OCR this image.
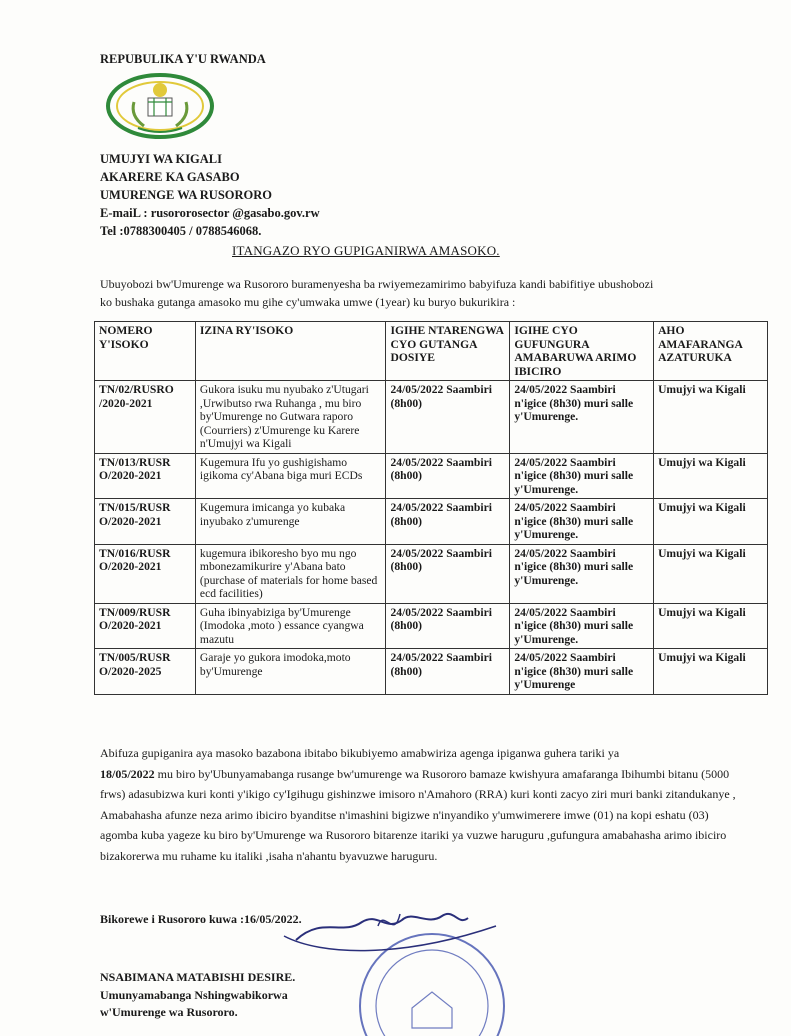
REPUBULIKA Y'U RWANDA
UMUJYI WA KIGALI
AKARERE KA GASABO
UMURENGE WA RUSORORO
E-maiL : rusororosector @gasabo.gov.rw
Tel :0788300405 / 0788546068.
ITANGAZO RYO GUPIGANIRWA AMASOKO.
Ubuyobozi bw'Umurenge wa Rusororo buramenyesha ba rwiyemezamirimo babyifuza kandi babifitiye ubushobozi
ko bushaka gutanga amasoko mu gihe cy'umwaka umwe (1year) ku buryo bukurikira :
NOMERO Y'ISOKO	IZINA RY'ISOKO	IGIHE NTARENGWA CYO GUTANGA DOSIYE	IGIHE CYO GUFUNGURA AMABARUWA ARIMO IBICIRO	AHO AMAFARANGA AZATURUKA
TN/02/RUSRO /2020-2021	Gukora isuku mu nyubako z'Utugari ,Urwibutso rwa Ruhanga , mu biro by'Umurenge no Gutwara raporo (Courriers) z'Umurenge ku Karere n'Umujyi wa Kigali	24/05/2022 Saambiri (8h00)	24/05/2022 Saambiri n'igice (8h30) muri salle y'Umurenge.	Umujyi wa Kigali
TN/013/RUSR O/2020-2021	Kugemura Ifu yo gushigishamo igikoma cy'Abana biga muri ECDs	24/05/2022 Saambiri (8h00)	24/05/2022 Saambiri n'igice (8h30) muri salle y'Umurenge.	Umujyi wa Kigali
TN/015/RUSR O/2020-2021	Kugemura imicanga yo kubaka inyubako z'umurenge	24/05/2022 Saambiri (8h00)	24/05/2022 Saambiri n'igice (8h30) muri salle y'Umurenge.	Umujyi wa Kigali
TN/016/RUSR O/2020-2021	kugemura ibikoresho byo mu ngo mbonezamikurire y'Abana bato (purchase of materials for home based ecd facilities)	24/05/2022 Saambiri (8h00)	24/05/2022 Saambiri n'igice (8h30) muri salle y'Umurenge.	Umujyi wa Kigali
TN/009/RUSR O/2020-2021	Guha ibinyabiziga by'Umurenge (Imodoka ,moto ) essance cyangwa mazutu	24/05/2022 Saambiri (8h00)	24/05/2022 Saambiri n'igice (8h30) muri salle y'Umurenge.	Umujyi wa Kigali
TN/005/RUSR O/2020-2025	Garaje yo gukora imodoka,moto by'Umurenge	24/05/2022 Saambiri (8h00)	24/05/2022 Saambiri n'igice (8h30) muri salle y'Umurenge	Umujyi wa Kigali
Abifuza gupiganira aya masoko bazabona ibitabo bikubiyemo amabwiriza agenga ipiganwa guhera tariki ya
18/05/2022 mu biro by'Ubunyamabanga rusange bw'umurenge wa Rusororo bamaze kwishyura amafaranga Ibihumbi bitanu (5000 frws) adasubizwa kuri konti y'ikigo cy'Igihugu gishinzwe imisoro n'Amahoro (RRA) kuri konti zacyo ziri muri banki zitandukanye , Amabahasha afunze neza arimo ibiciro byanditse n'imashini bigizwe n'inyandiko y'umwimerere imwe (01) na kopi eshatu (03) agomba kuba yageze ku biro by'Umurenge wa Rusororo bitarenze itariki ya vuzwe haruguru ,gufungura amabahasha arimo ibiciro bizakorerwa mu ruhame ku italiki ,isaha n'ahantu byavuzwe haruguru.
Bikorewe i Rusororo kuwa :16/05/2022.
NSABIMANA MATABISHI DESIRE.
Umunyamabanga Nshingwabikorwa
w'Umurenge wa Rusororo.
